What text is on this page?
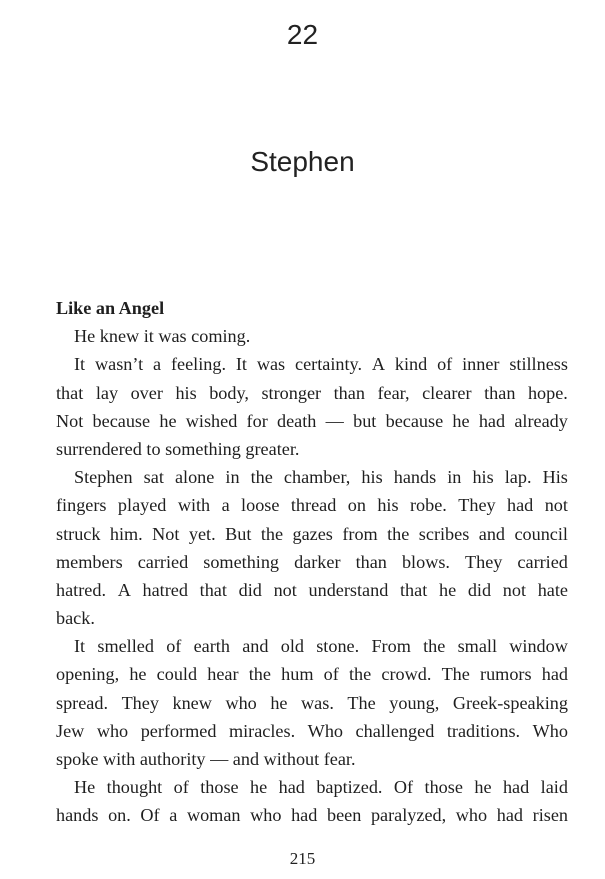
22
Stephen
Like an Angel
He knew it was coming.
It wasn’t a feeling. It was certainty. A kind of inner stillness
that lay over his body, stronger than fear, clearer than hope.
Not because he wished for death — but because he had already
surrendered to something greater.
Stephen sat alone in the chamber, his hands in his lap. His
fingers played with a loose thread on his robe. They had not
struck him. Not yet. But the gazes from the scribes and council
members carried something darker than blows. They carried
hatred. A hatred that did not understand that he did not hate
back.
It smelled of earth and old stone. From the small window
opening, he could hear the hum of the crowd. The rumors had
spread. They knew who he was. The young, Greek-speaking
Jew who performed miracles. Who challenged traditions. Who
spoke with authority — and without fear.
He thought of those he had baptized. Of those he had laid
hands on. Of a woman who had been paralyzed, who had risen
215
